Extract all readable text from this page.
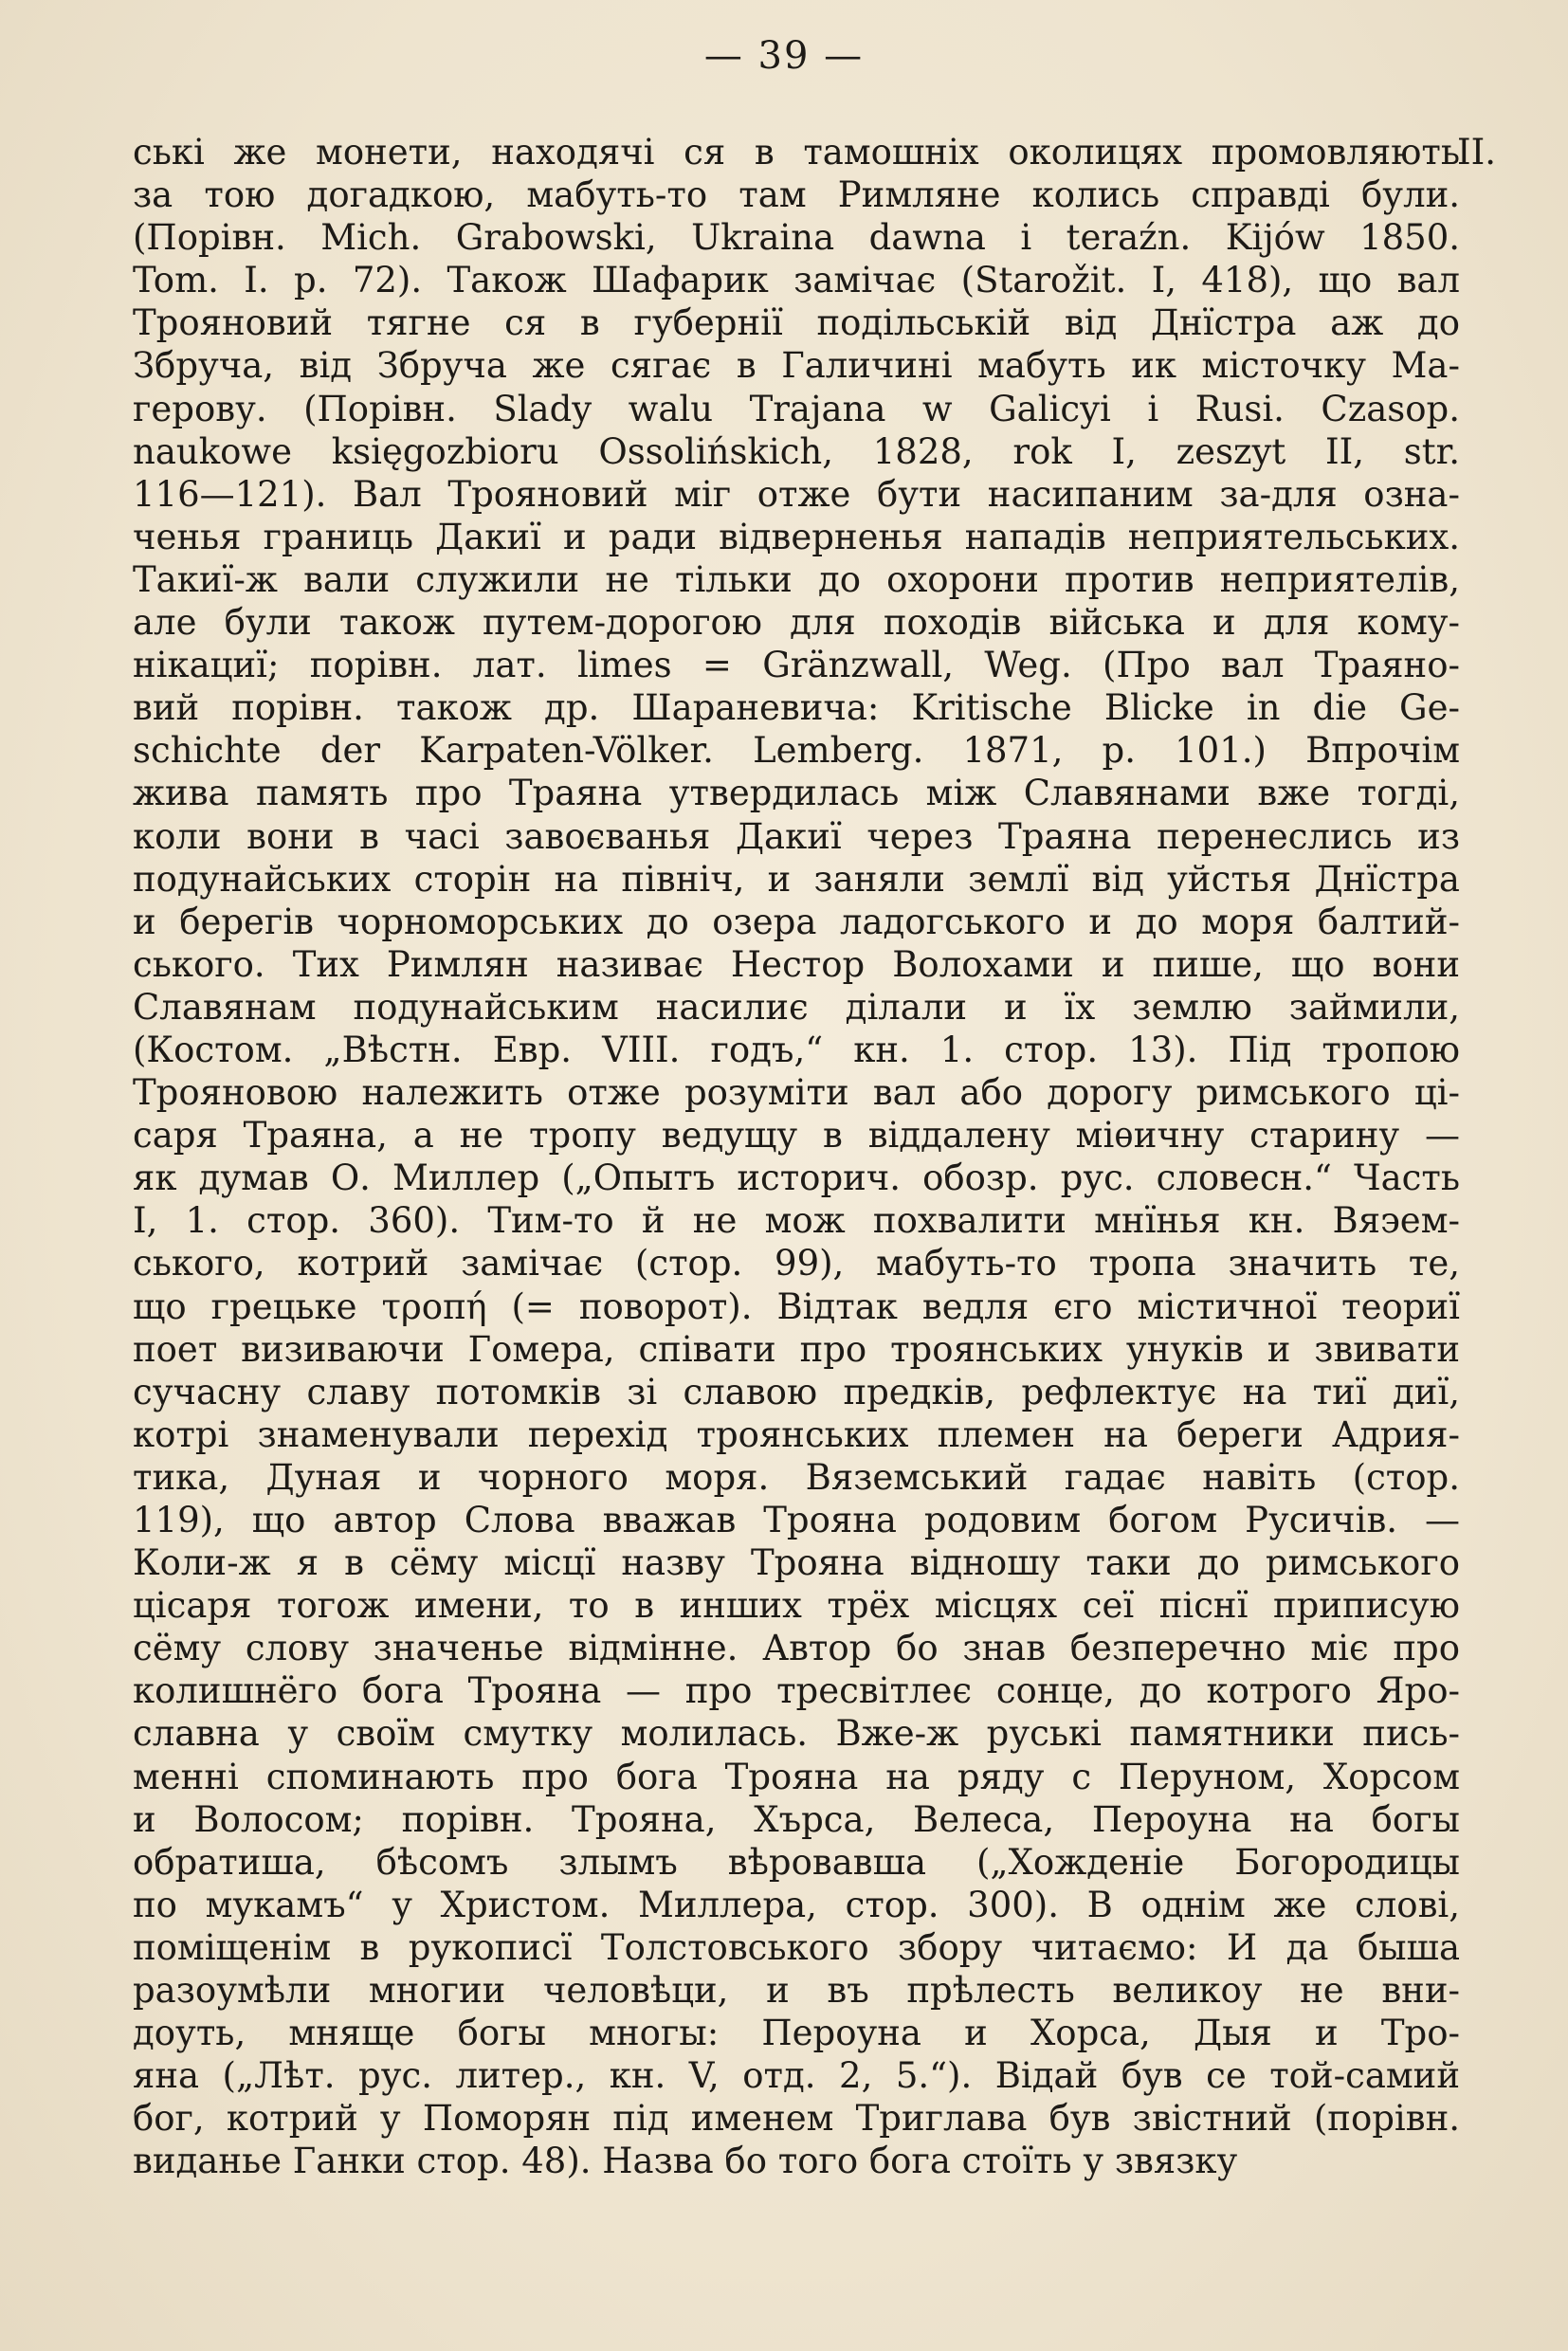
— 39 —
II.
ські же монети, находячі ся в тамошніх околицях промовляють
за тою догадкою, мабуть-то там Римляне колись справді були.
(Порівн. Mich. Grabowski, Ukraina dawna i teraźn. Kijów 1850.
Tom. I. p. 72). Також Шафарик замічає (Starožit. I, 418), що вал
Трояновий тягне ся в губернії подільській від Днїстра аж до
Збруча, від Збруча же сягає в Галичині мабуть ик місточку Ма-
герову. (Порівн. Slady walu Trajana w Galicyi i Rusi. Czasop.
naukowe księgozbioru Ossolińskich, 1828, rok I, zeszyt II, str.
116—121). Вал Трояновий міг отже бути насипаним за-для озна-
ченья границь Дакиї и ради відверненья нападів неприятельських.
Такиї-ж вали служили не тільки до охорони против неприятелів,
але були також путем-дорогою для походів війська и для кому-
нікациї; порівн. лат. limes = Gränzwall, Weg. (Про вал Траяно-
вий порівн. також др. Шараневича: Kritische Blicke in die Ge-
schichte der Karpaten-Völker. Lemberg. 1871, p. 101.) Впрочім
жива память про Траяна утвердилась між Славянами вже тогді,
коли вони в часі завоєванья Дакиї через Траяна перенеслись из
подунайських сторін на північ, и заняли землї від уйстья Днїстра
и берегів чорноморських до озера ладогського и до моря балтий-
ського. Тих Римлян називає Нестор Волохами и пише, що вони
Славянам подунайським насилиє ділали и їх землю займили,
(Костом. „Вѣстн. Евр. VIII. годъ,“ кн. 1. стор. 13). Під тропою
Трояновою належить отже розуміти вал або дорогу римського ці-
саря Траяна, а не тропу ведущу в віддалену міѳичну старину —
як думав О. Миллер („Опытъ историч. обозр. рус. словесн.“ Часть
I, 1. стор. 360). Тим-то й не мож похвалити мнїнья кн. Вяэем-
ського, котрий замічає (стор. 99), мабуть-то тропа значить те,
що грецьке τροπή (= поворот). Відтак ведля єго містичної теориї
поет визиваючи Гомера, співати про троянських унуків и звивати
сучасну славу потомків зі славою предків, рефлектує на тиї диї,
котрі знаменували перехід троянських племен на береги Адрия-
тика, Дуная и чорного моря. Вяземський гадає навіть (стор.
119), що автор Слова вважав Трояна родовим богом Русичів. —
Коли-ж я в сёму місцї назву Трояна відношу таки до римського
цісаря тогож имени, то в инших трёх місцях сеї піснї приписую
сёму слову значенье відмінне. Автор бо знав безперечно міє про
колишнёго бога Трояна — про тресвітлеє сонце, до котрого Яро-
славна у своїм смутку молилась. Вже-ж руські памятники пись-
менні споминають про бога Трояна на ряду с Перуном, Хорсом
и Волосом; порівн. Трояна, Хърса, Велеса, Пероуна на богы
обратиша, бѣсомъ злымъ вѣровавша („Хожденіе Богородицы
по мукамъ“ у Христом. Миллера, стор. 300). В однім же слові,
поміщенім в рукописї Толстовського збору читаємо: И да быша
разоумѣли многии человѣци, и въ прѣлесть великоу не вни-
доуть, мняще богы многы: Пероуна и Хорса, Дыя и Тро-
яна („Лѣт. рус. литер., кн. V, отд. 2, 5.“). Відай був се той-самий
бог, котрий у Поморян під именем Триглава був звістний (порівн.
виданье Ганки стор. 48). Назва бо того бога стоїть у звязку
